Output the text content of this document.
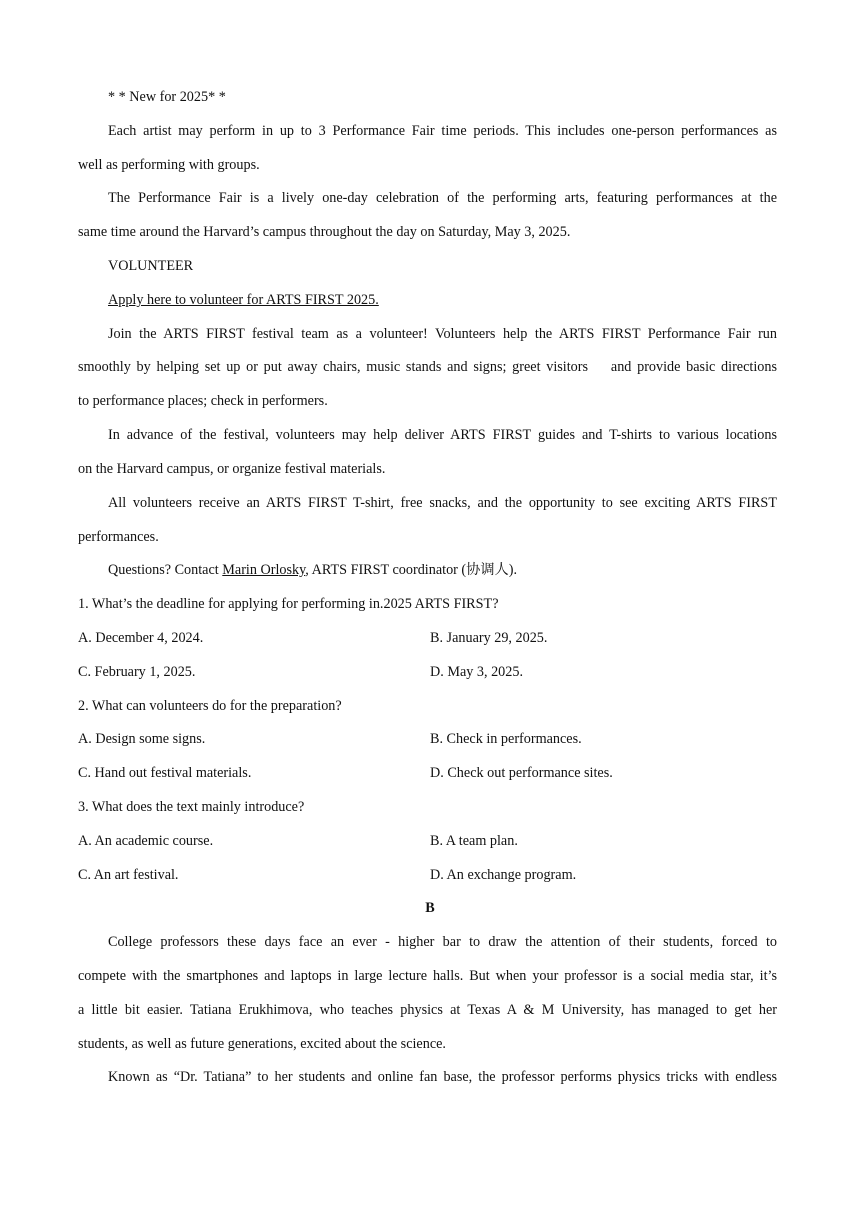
* * New for 2025* *
Each artist may perform in up to 3 Performance Fair time periods. This includes one-person performances as
well as performing with groups.
The Performance Fair is a lively one-day celebration of the performing arts, featuring performances at the
same time around the Harvard’s campus throughout the day on Saturday, May 3, 2025.
VOLUNTEER
Apply here to volunteer for ARTS FIRST 2025.
Join the ARTS FIRST festival team as a volunteer! Volunteers help the ARTS FIRST Performance Fair run
smoothly by helping set up or put away chairs, music stands and signs; greet visitors    and provide basic directions
to performance places; check in performers.
In advance of the festival, volunteers may help deliver ARTS FIRST guides and T-shirts to various locations
on the Harvard campus, or organize festival materials.
All volunteers receive an ARTS FIRST T-shirt, free snacks, and the opportunity to see exciting ARTS FIRST
performances.
Questions? Contact Marin Orlosky, ARTS FIRST coordinator (协调人).
1. What’s the deadline for applying for performing in.2025 ARTS FIRST?
A. December 4, 2024.	B. January 29, 2025.
C. February 1, 2025.	D. May 3, 2025.
2. What can volunteers do for the preparation?
A. Design some signs.	B. Check in performances.
C. Hand out festival materials.	D. Check out performance sites.
3. What does the text mainly introduce?
A. An academic course.	B. A team plan.
C. An art festival.	D. An exchange program.
B
College professors these days face an ever - higher bar to draw the attention of their students, forced to
compete with the smartphones and laptops in large lecture halls. But when your professor is a social media star, it’s
a little bit easier. Tatiana Erukhimova, who teaches physics at Texas A & M University, has managed to get her
students, as well as future generations, excited about the science.
Known as “Dr. Tatiana” to her students and online fan base, the professor performs physics tricks with endless
